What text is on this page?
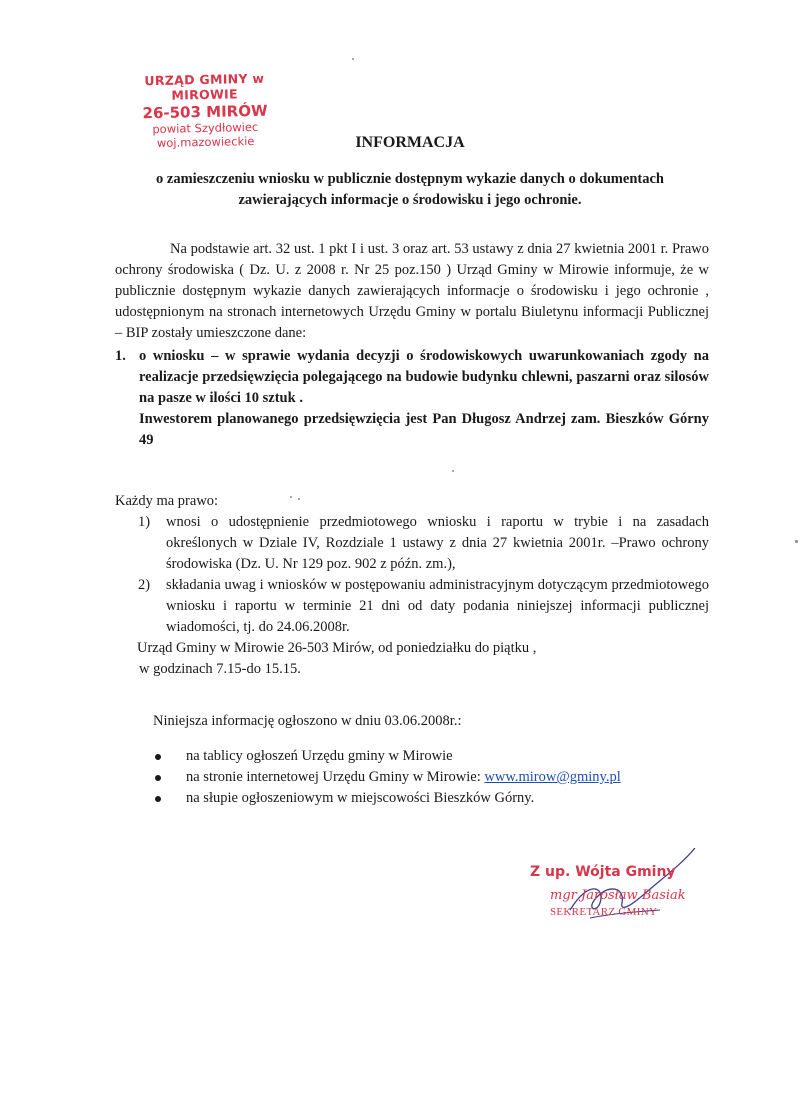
URZĄD GMINY w MIROWIE
26-503 MIRÓW
powiat Szydłowiec
woj.mazowieckie	INFORMACJA
o zamieszczeniu wniosku w publicznie dostępnym wykazie danych o dokumentach zawierających informacje o środowisku i jego ochronie.

Na podstawie art. 32 ust. 1 pkt I i ust. 3 oraz art. 53 ustawy z dnia 27 kwietnia 2001 r. Prawo ochrony środowiska ( Dz. U. z 2008 r. Nr 25 poz.150 ) Urząd Gminy w Mirowie informuje, że w publicznie dostępnym wykazie danych zawierających informacje o środowisku i jego ochronie , udostępnionym na stronach internetowych Urzędu Gminy w portalu Biuletynu informacji Publicznej – BIP zostały umieszczone dane:

1. o wniosku – w sprawie wydania decyzji o środowiskowych uwarunkowaniach zgody na realizacje przedsięwzięcia polegającego na budowie budynku chlewni, paszarni oraz silosów na pasze w ilości 10 sztuk .

Inwestorem planowanego przedsięwzięcia jest Pan Długosz Andrzej zam. Bieszków Górny 49

Każdy ma prawo:

1) wnosi o udostępnienie przedmiotowego wniosku i raportu w trybie i na zasadach określonych w Dziale IV, Rozdziale 1 ustawy z dnia 27 kwietnia 2001r. –Prawo ochrony środowiska (Dz. U. Nr 129 poz. 902 z późn. zm.),
2) składania uwag i wniosków w postępowaniu administracyjnym dotyczącym przedmiotowego wniosku i raportu w terminie 21 dni od daty podania niniejszej informacji publicznej wiadomości, tj. do 24.06.2008r.

Urząd Gminy w Mirowie 26-503 Mirów, od poniedziałku do piątku ,

w godzinach 7.15-do 15.15.

Niniejsza informację ogłoszono w dniu 03.06.2008r.:

na tablicy ogłoszeń Urzędu gminy w Mirowie
na stronie internetowej Urzędu Gminy w Mirowie: www.mirow@gminy.pl
na słupie ogłoszeniowym w miejscowości Bieszków Górny.
Z up. Wójta Gminy
mgr Jarosław Basiak
SEKRETARZ GMINY
